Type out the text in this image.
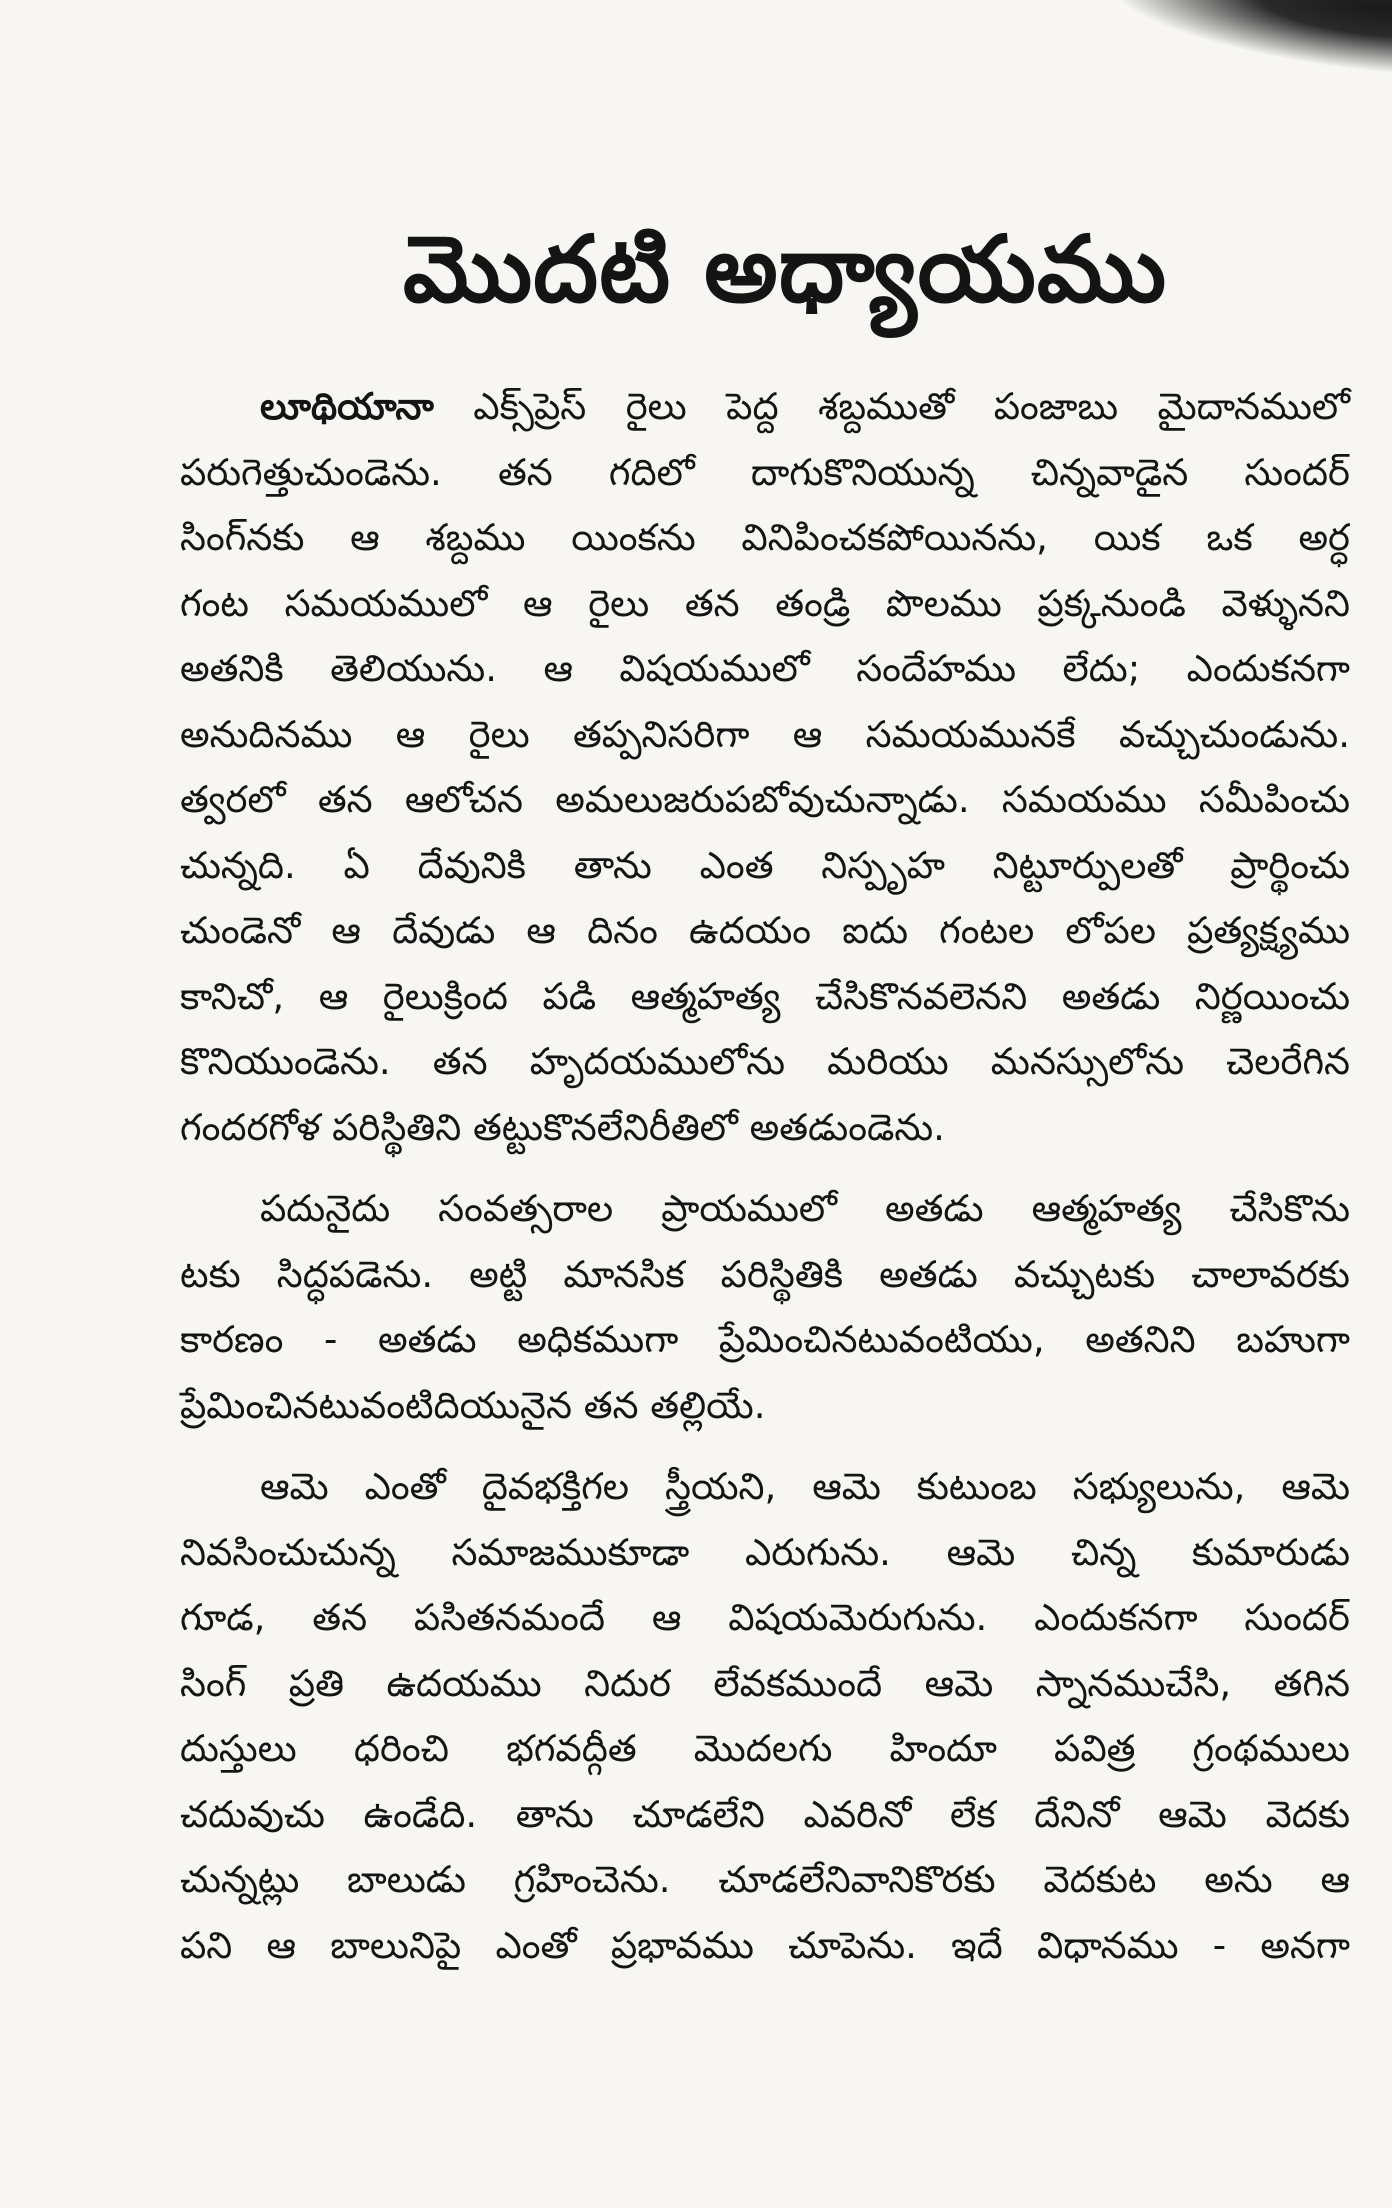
మొదటి అధ్యాయము
లూథియానా ఎక్స్‌ప్రెస్ రైలు పెద్ద శబ్దముతో పంజాబు మైదానములో
పరుగెత్తుచుండెను. తన గదిలో దాగుకొనియున్న చిన్నవాడైన సుందర్
సింగ్‌నకు ఆ శబ్దము యింకను వినిపించకపోయినను, యిక ఒక అర్ధ
గంట సమయములో ఆ రైలు తన తండ్రి పొలము ప్రక్కనుండి వెళ్ళునని
అతనికి తెలియును. ఆ విషయములో సందేహము లేదు; ఎందుకనగా
అనుదినము ఆ రైలు తప్పనిసరిగా ఆ సమయమునకే వచ్చుచుండును.
త్వరలో తన ఆలోచన అమలుజరుపబోవుచున్నాడు. సమయము సమీపించు
చున్నది. ఏ దేవునికి తాను ఎంత నిస్పృహ నిట్టూర్పులతో ప్రార్థించు
చుండెనో ఆ దేవుడు ఆ దినం ఉదయం ఐదు గంటల లోపల ప్రత్యక్ష్యము
కానిచో, ఆ రైలుక్రింద పడి ఆత్మహత్య చేసికొనవలెనని అతడు నిర్ణయించు
కొనియుండెను. తన హృదయములోను మరియు మనస్సులోను చెలరేగిన
గందరగోళ పరిస్థితిని తట్టుకొనలేనిరీతిలో అతడుండెను.
పదునైదు సంవత్సరాల ప్రాయములో అతడు ఆత్మహత్య చేసికొను
టకు సిద్ధపడెను. అట్టి మానసిక పరిస్థితికి అతడు వచ్చుటకు చాలావరకు
కారణం - అతడు అధికముగా ప్రేమించినటువంటియు, అతనిని బహుగా
ప్రేమించినటువంటిదియునైన తన తల్లియే.
ఆమె ఎంతో దైవభక్తిగల స్త్రీయని, ఆమె కుటుంబ సభ్యులును, ఆమె
నివసించుచున్న సమాజముకూడా ఎరుగును. ఆమె చిన్న కుమారుడు
గూడ, తన పసితనమందే ఆ విషయమెరుగును. ఎందుకనగా సుందర్
సింగ్ ప్రతి ఉదయము నిదుర లేవకముందే ఆమె స్నానముచేసి, తగిన
దుస్తులు ధరించి భగవద్గీత మొదలగు హిందూ పవిత్ర గ్రంథములు
చదువుచు ఉండేది. తాను చూడలేని ఎవరినో లేక దేనినో ఆమె వెదకు
చున్నట్లు బాలుడు గ్రహించెను. చూడలేనివానికొరకు వెదకుట అను ఆ
పని ఆ బాలునిపై ఎంతో ప్రభావము చూపెను. ఇదే విధానము - అనగా
